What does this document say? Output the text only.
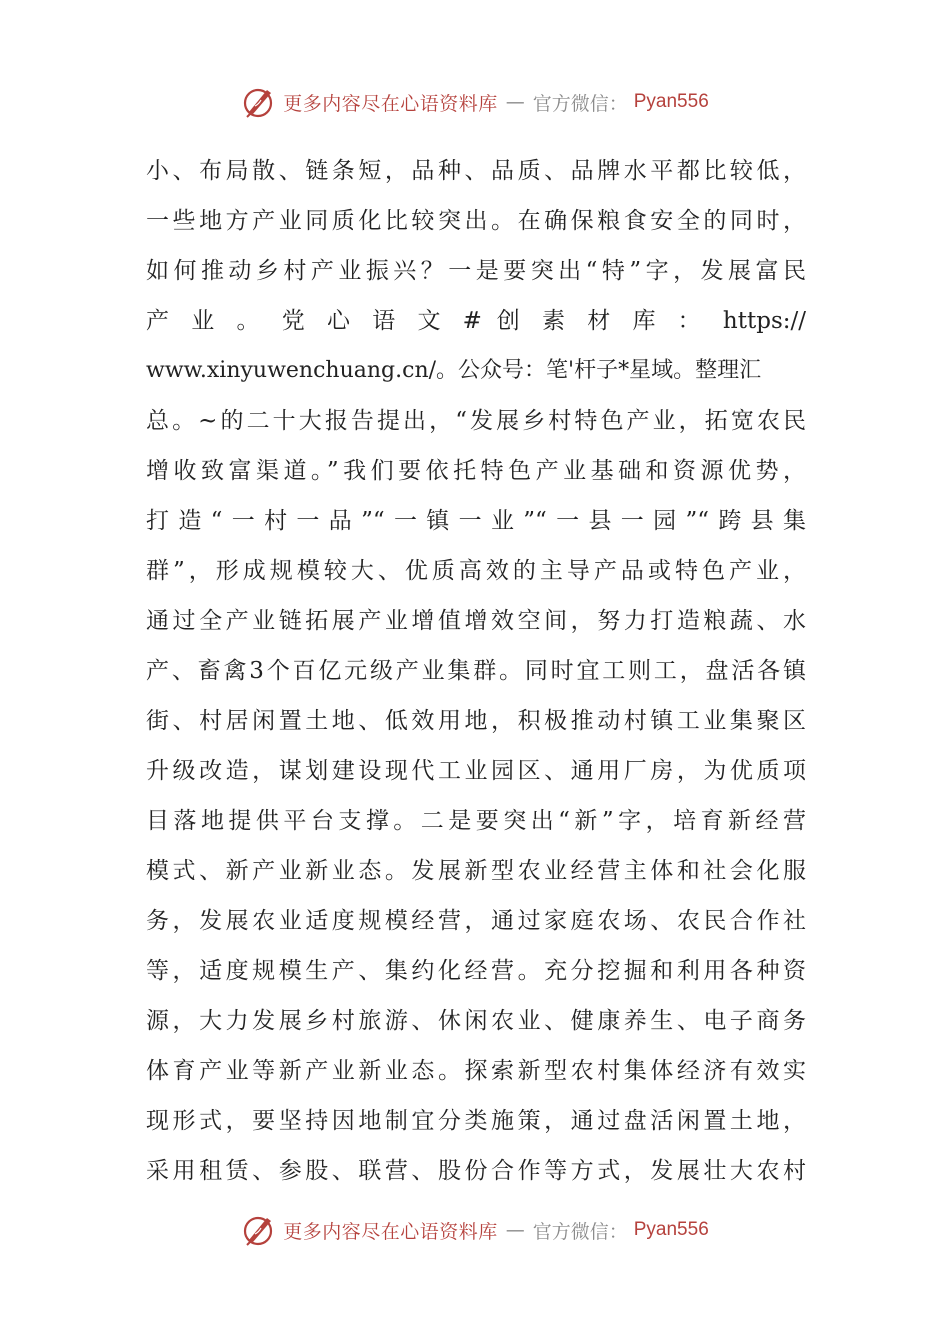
更多内容尽在心语资料库 — 官方微信： Pyan556
小、布局散、链条短，品种、品质、品牌水平都比较低，
一些地方产业同质化比较突出。在确保粮食安全的同时，
如何推动乡村产业振兴？一是要突出“特”字，发展富民
产 业 。 党 心 语 文 # 创 素 材 库 ： https://
www.xinyuwenchuang.cn/。公众号：笔'杆子*星域。整理汇
总。~的二十大报告提出，“发展乡村特色产业，拓宽农民
增收致富渠道。”我们要依托特色产业基础和资源优势，
打造“一村一品”“一镇一业”“一县一园”“跨县集
群”，形成规模较大、优质高效的主导产品或特色产业，
通过全产业链拓展产业增值增效空间，努力打造粮蔬、水
产、畜禽3个百亿元级产业集群。同时宜工则工，盘活各镇
街、村居闲置土地、低效用地，积极推动村镇工业集聚区
升级改造，谋划建设现代工业园区、通用厂房，为优质项
目落地提供平台支撑。二是要突出“新”字，培育新经营
模式、新产业新业态。发展新型农业经营主体和社会化服
务，发展农业适度规模经营，通过家庭农场、农民合作社
等，适度规模生产、集约化经营。充分挖掘和利用各种资
源，大力发展乡村旅游、休闲农业、健康养生、电子商务
体育产业等新产业新业态。探索新型农村集体经济有效实
现形式，要坚持因地制宜分类施策，通过盘活闲置土地，
采用租赁、参股、联营、股份合作等方式，发展壮大农村
更多内容尽在心语资料库 — 官方微信： Pyan556
